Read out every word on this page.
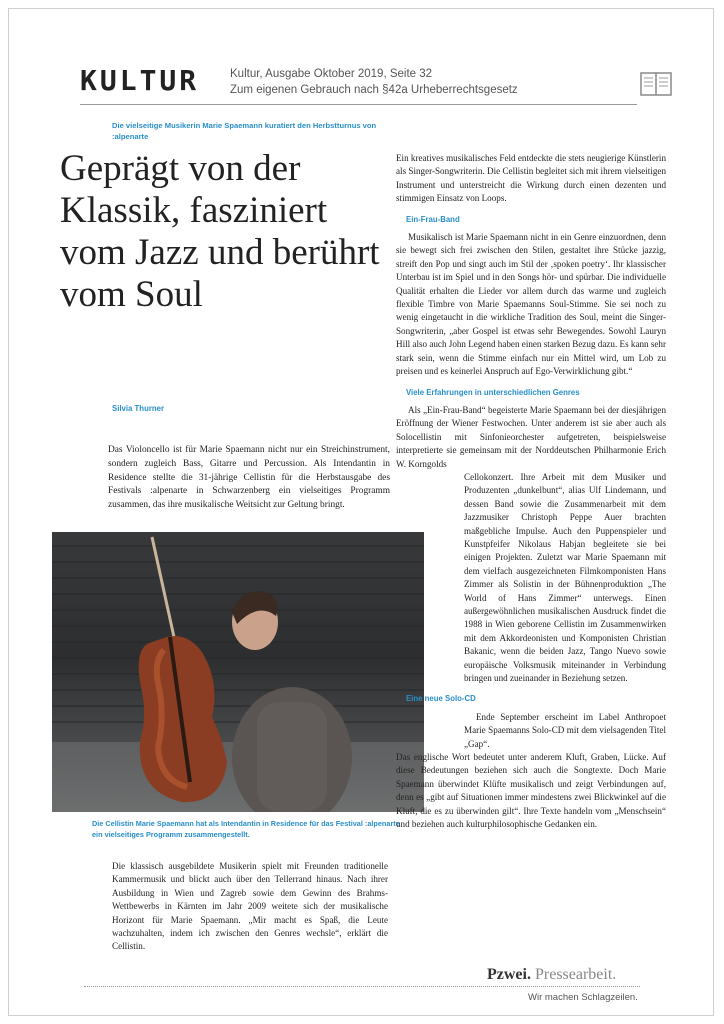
KULTUR	Kultur, Ausgabe Oktober 2019, Seite 32
Zum eigenen Gebrauch nach §42a Urheberrechtsgesetz
Die vielseitige Musikerin Marie Spaemann kuratiert den Herbstturnus von :alpenarte
Geprägt von der Klassik, fasziniert vom Jazz und berührt vom Soul
Silvia Thurner
Das Violoncello ist für Marie Spaemann nicht nur ein Streichinstrument, sondern zugleich Bass, Gitarre und Percussion. Als Intendantin in Residence stellte die 31-jährige Cellistin für die Herbstausgabe des Festivals :alpenarte in Schwarzenberg ein vielseitiges Programm zusammen, das ihre musikalische Weitsicht zur Geltung bringt.
Die Cellistin Marie Spaemann hat als Intendantin in Residence für das Festival :alpenarte ein vielseitiges Programm zusammengestellt.
Die klassisch ausgebildete Musikerin spielt mit Freunden traditionelle Kammermusik und blickt auch über den Tellerrand hinaus. Nach ihrer Ausbildung in Wien und Zagreb sowie dem Gewinn des Brahms-Wettbewerbs in Kärnten im Jahr 2009 weitete sich der musikalische Horizont für Marie Spaemann. „Mir macht es Spaß, die Leute wachzuhalten, indem ich zwischen den Genres wechsle“, erklärt die Cellistin.

Ein kreatives musikalisches Feld entdeckte die stets neugierige Künstlerin als Singer-Songwriterin. Die Cellistin begleitet sich mit ihrem vielseitigen Instrument und unterstreicht die Wirkung durch einen dezenten und stimmigen Einsatz von Loops.

Ein-Frau-Band

Musikalisch ist Marie Spaemann nicht in ein Genre einzuordnen, denn sie bewegt sich frei zwischen den Stilen, gestaltet ihre Stücke jazzig, streift den Pop und singt auch im Stil der ‚spoken poetry‘. Ihr klassischer Unterbau ist im Spiel und in den Songs hör- und spürbar. Die individuelle Qualität erhalten die Lieder vor allem durch das warme und zugleich flexible Timbre von Marie Spaemanns Soul-Stimme. Sie sei noch zu wenig eingetaucht in die wirkliche Tradition des Soul, meint die Singer-Songwriterin, „aber Gospel ist etwas sehr Bewegendes. Sowohl Lauryn Hill also auch John Legend haben einen starken Bezug dazu. Es kann sehr stark sein, wenn die Stimme einfach nur ein Mittel wird, um Lob zu preisen und es keinerlei Anspruch auf Ego-Verwirklichung gibt.“

Viele Erfahrungen in unterschiedlichen Genres

Als „Ein-Frau-Band“ begeisterte Marie Spaemann bei der diesjährigen Eröffnung der Wiener Festwochen. Unter anderem ist sie aber auch als Solocellistin mit Sinfonieorchester aufgetreten, beispielsweise interpretierte sie gemeinsam mit der Norddeutschen Philharmonie Erich W. Korngolds

Cellokonzert. Ihre Arbeit mit dem Musiker und Produzenten „dunkelbunt“, alias Ulf Lindemann, und dessen Band sowie die Zusammenarbeit mit dem Jazzmusiker Christoph Peppe Auer brachten maßgebliche Impulse. Auch den Puppenspieler und Kunstpfeifer Nikolaus Habjan begleitete sie bei einigen Projekten. Zuletzt war Marie Spaemann mit dem vielfach ausgezeichneten Filmkomponisten Hans Zimmer als Solistin in der Bühnenproduktion „The World of Hans Zimmer“ unterwegs. Einen außergewöhnlichen musikalischen Ausdruck findet die 1988 in Wien geborene Cellistin im Zusammenwirken mit dem Akkordeonisten und Komponisten Christian Bakanic, wenn die beiden Jazz, Tango Nuevo sowie europäische Volksmusik miteinander in Verbindung bringen und zueinander in Beziehung setzen.

Eine neue Solo-CD

Ende September erscheint im Label Anthropoet Marie Spaemanns Solo-CD mit dem vielsagenden Titel „Gap“.

Das englische Wort bedeutet unter anderem Kluft, Graben, Lücke. Auf diese Bedeutungen beziehen sich auch die Songtexte. Doch Marie Spaemann überwindet Klüfte musikalisch und zeigt Verbindungen auf, denn es „gibt auf Situationen immer mindestens zwei Blickwinkel auf die Kluft, die es zu überwinden gilt“. Ihre Texte handeln vom „Menschsein“ und beziehen auch kulturphilosophische Gedanken ein.

Pzwei. Pressearbeit.
Wir machen Schlagzeilen.
